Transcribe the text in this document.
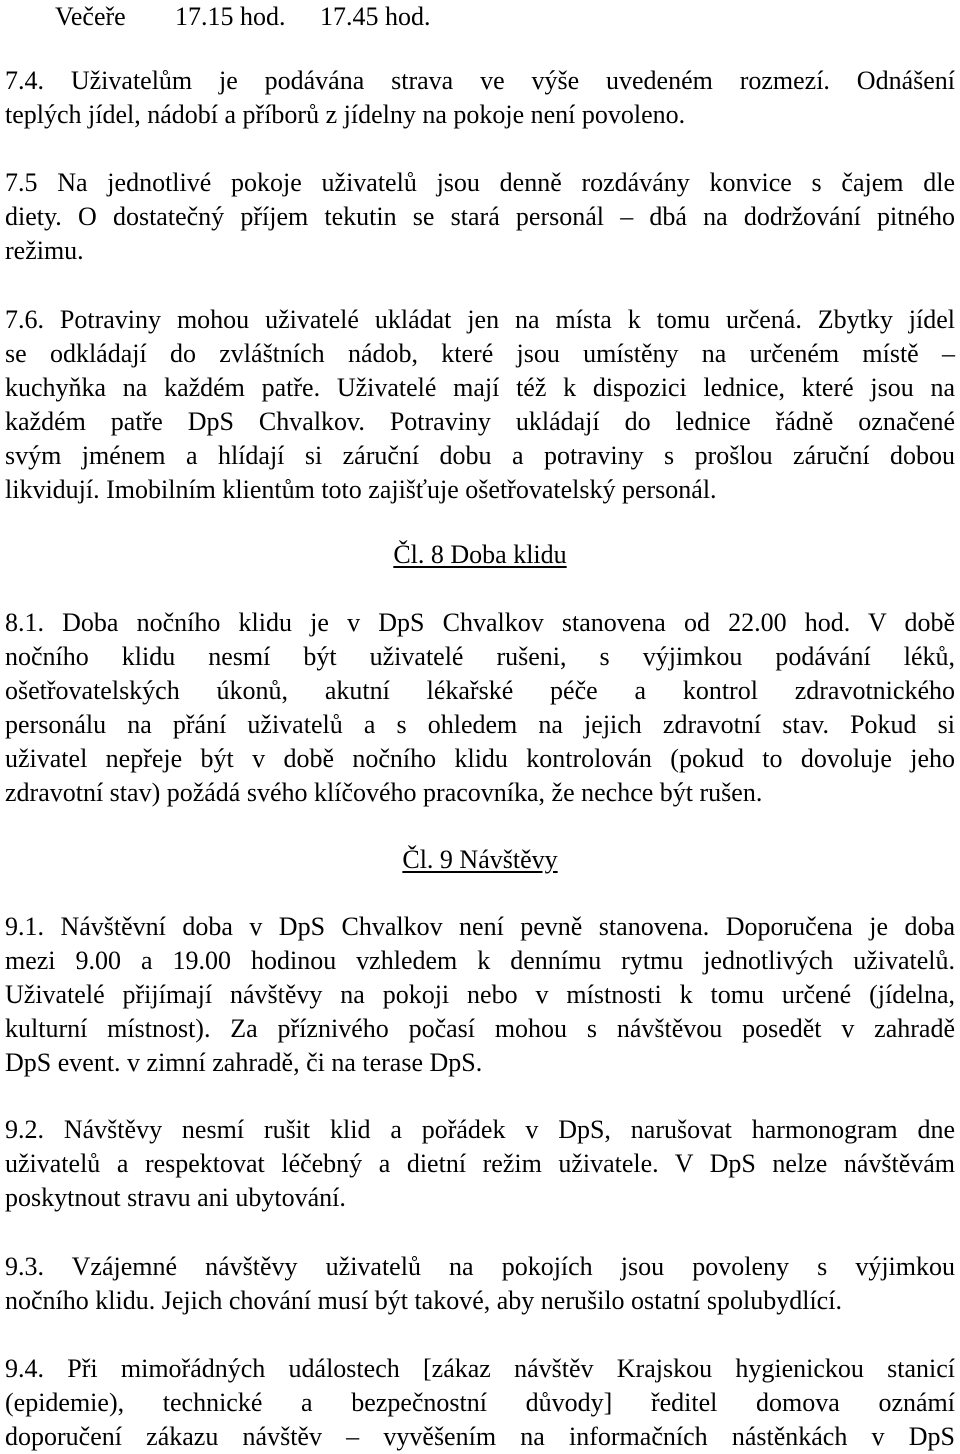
Večeře 17.15 hod. 17.45 hod.
7.4. Uživatelům je podávána strava ve výše uvedeném rozmezí. Odnášení
teplých jídel, nádobí a příborů z jídelny na pokoje není povoleno.
7.5 Na jednotlivé pokoje uživatelů jsou denně rozdávány konvice s čajem dle
diety. O dostatečný příjem tekutin se stará personál – dbá na dodržování pitného
režimu.
7.6. Potraviny mohou uživatelé ukládat jen na místa k tomu určená. Zbytky jídel
se odkládají do zvláštních nádob, které jsou umístěny na určeném místě –
kuchyňka na každém patře. Uživatelé mají též k dispozici lednice, které jsou na
každém patře DpS Chvalkov. Potraviny ukládají do lednice řádně označené
svým jménem a hlídají si záruční dobu a potraviny s prošlou záruční dobou
likvidují. Imobilním klientům toto zajišťuje ošetřovatelský personál.
Čl. 8 Doba klidu
8.1. Doba nočního klidu je v DpS Chvalkov stanovena od 22.00 hod. V době
nočního klidu nesmí být uživatelé rušeni, s výjimkou podávání léků,
ošetřovatelských úkonů, akutní lékařské péče a kontrol zdravotnického
personálu na přání uživatelů a s ohledem na jejich zdravotní stav. Pokud si
uživatel nepřeje být v době nočního klidu kontrolován (pokud to dovoluje jeho
zdravotní stav) požádá svého klíčového pracovníka, že nechce být rušen.
Čl. 9 Návštěvy
9.1. Návštěvní doba v DpS Chvalkov není pevně stanovena. Doporučena je doba
mezi 9.00 a 19.00 hodinou vzhledem k dennímu rytmu jednotlivých uživatelů.
Uživatelé přijímají návštěvy na pokoji nebo v místnosti k tomu určené (jídelna,
kulturní místnost). Za příznivého počasí mohou s návštěvou posedět v zahradě
DpS event. v zimní zahradě, či na terase DpS.
9.2. Návštěvy nesmí rušit klid a pořádek v DpS, narušovat harmonogram dne
uživatelů a respektovat léčebný a dietní režim uživatele. V DpS nelze návštěvám
poskytnout stravu ani ubytování.
9.3. Vzájemné návštěvy uživatelů na pokojích jsou povoleny s výjimkou
nočního klidu. Jejich chování musí být takové, aby nerušilo ostatní spolubydlící.
9.4. Při mimořádných událostech [zákaz návštěv Krajskou hygienickou stanicí
(epidemie), technické a bezpečnostní důvody] ředitel domova oznámí
doporučení zákazu návštěv – vyvěšením na informačních nástěnkách v DpS
